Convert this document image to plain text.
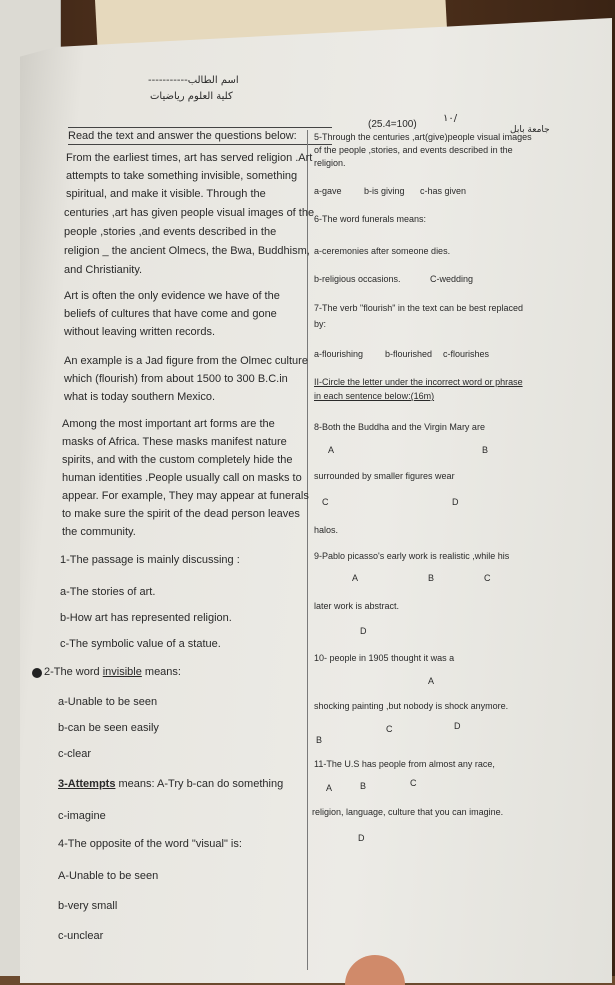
اسم الطالب-----------
كلية العلوم رياضيات
(25.4=100)
/١٠
جامعة بابل
Read the text and answer the questions below:
From the earliest times, art has served religion .Art
attempts to take something invisible, something
spiritual, and make it visible. Through the
centuries ,art has given people visual images of the
people ,stories ,and events described in the
religion _ the ancient Olmecs, the Bwa, Buddhism,
and Christianity.
Art is often the only evidence we have of the
beliefs of cultures that have come and gone
without leaving written records.
An example is a Jad figure from the Olmec culture
which (flourish) from about 1500 to 300 B.C.in
what is today southern Mexico.
Among the most important art forms are the
masks of Africa. These masks manifest nature
spirits, and with the custom completely hide the
human identities .People usually call on masks to
appear. For example, They may appear at funerals
to make sure the spirit of the dead person leaves
the community.
1-The passage is mainly discussing :
a-The stories of art.
b-How art has represented religion.
c-The symbolic value of a statue.
2-The word invisible means:
a-Unable to be seen
b-can be seen easily
c-clear
3-Attempts means: A-Try b-can do something
c-imagine
4-The opposite of the word "visual" is:
A-Unable to be seen
b-very small
c-unclear
5-Through the centuries ,art(give)people visual images
of the people ,stories, and events described in the
religion.
a-gave b-is giving c-has given
6-The word funerals means:
a-ceremonies after someone dies.
b-religious occasions.	C-wedding
7-The verb "flourish" in the text can be best replaced
by:
a-flourishing b-flourished c-flourishes
II-Circle the letter under the incorrect word or phrase
in each sentence below:(16m)
8-Both the Buddha and the Virgin Mary are
A	B
surrounded by smaller figures wear
C	D
halos.
9-Pablo picasso's early work is realistic ,while his
A	B	C
later work is abstract.
D
10- people in 1905 thought it was a
A
shocking painting ,but nobody is shock anymore.
B
C	D
11-The U.S has people from almost any race,
A	B	C
religion, language, culture that you can imagine.
D
